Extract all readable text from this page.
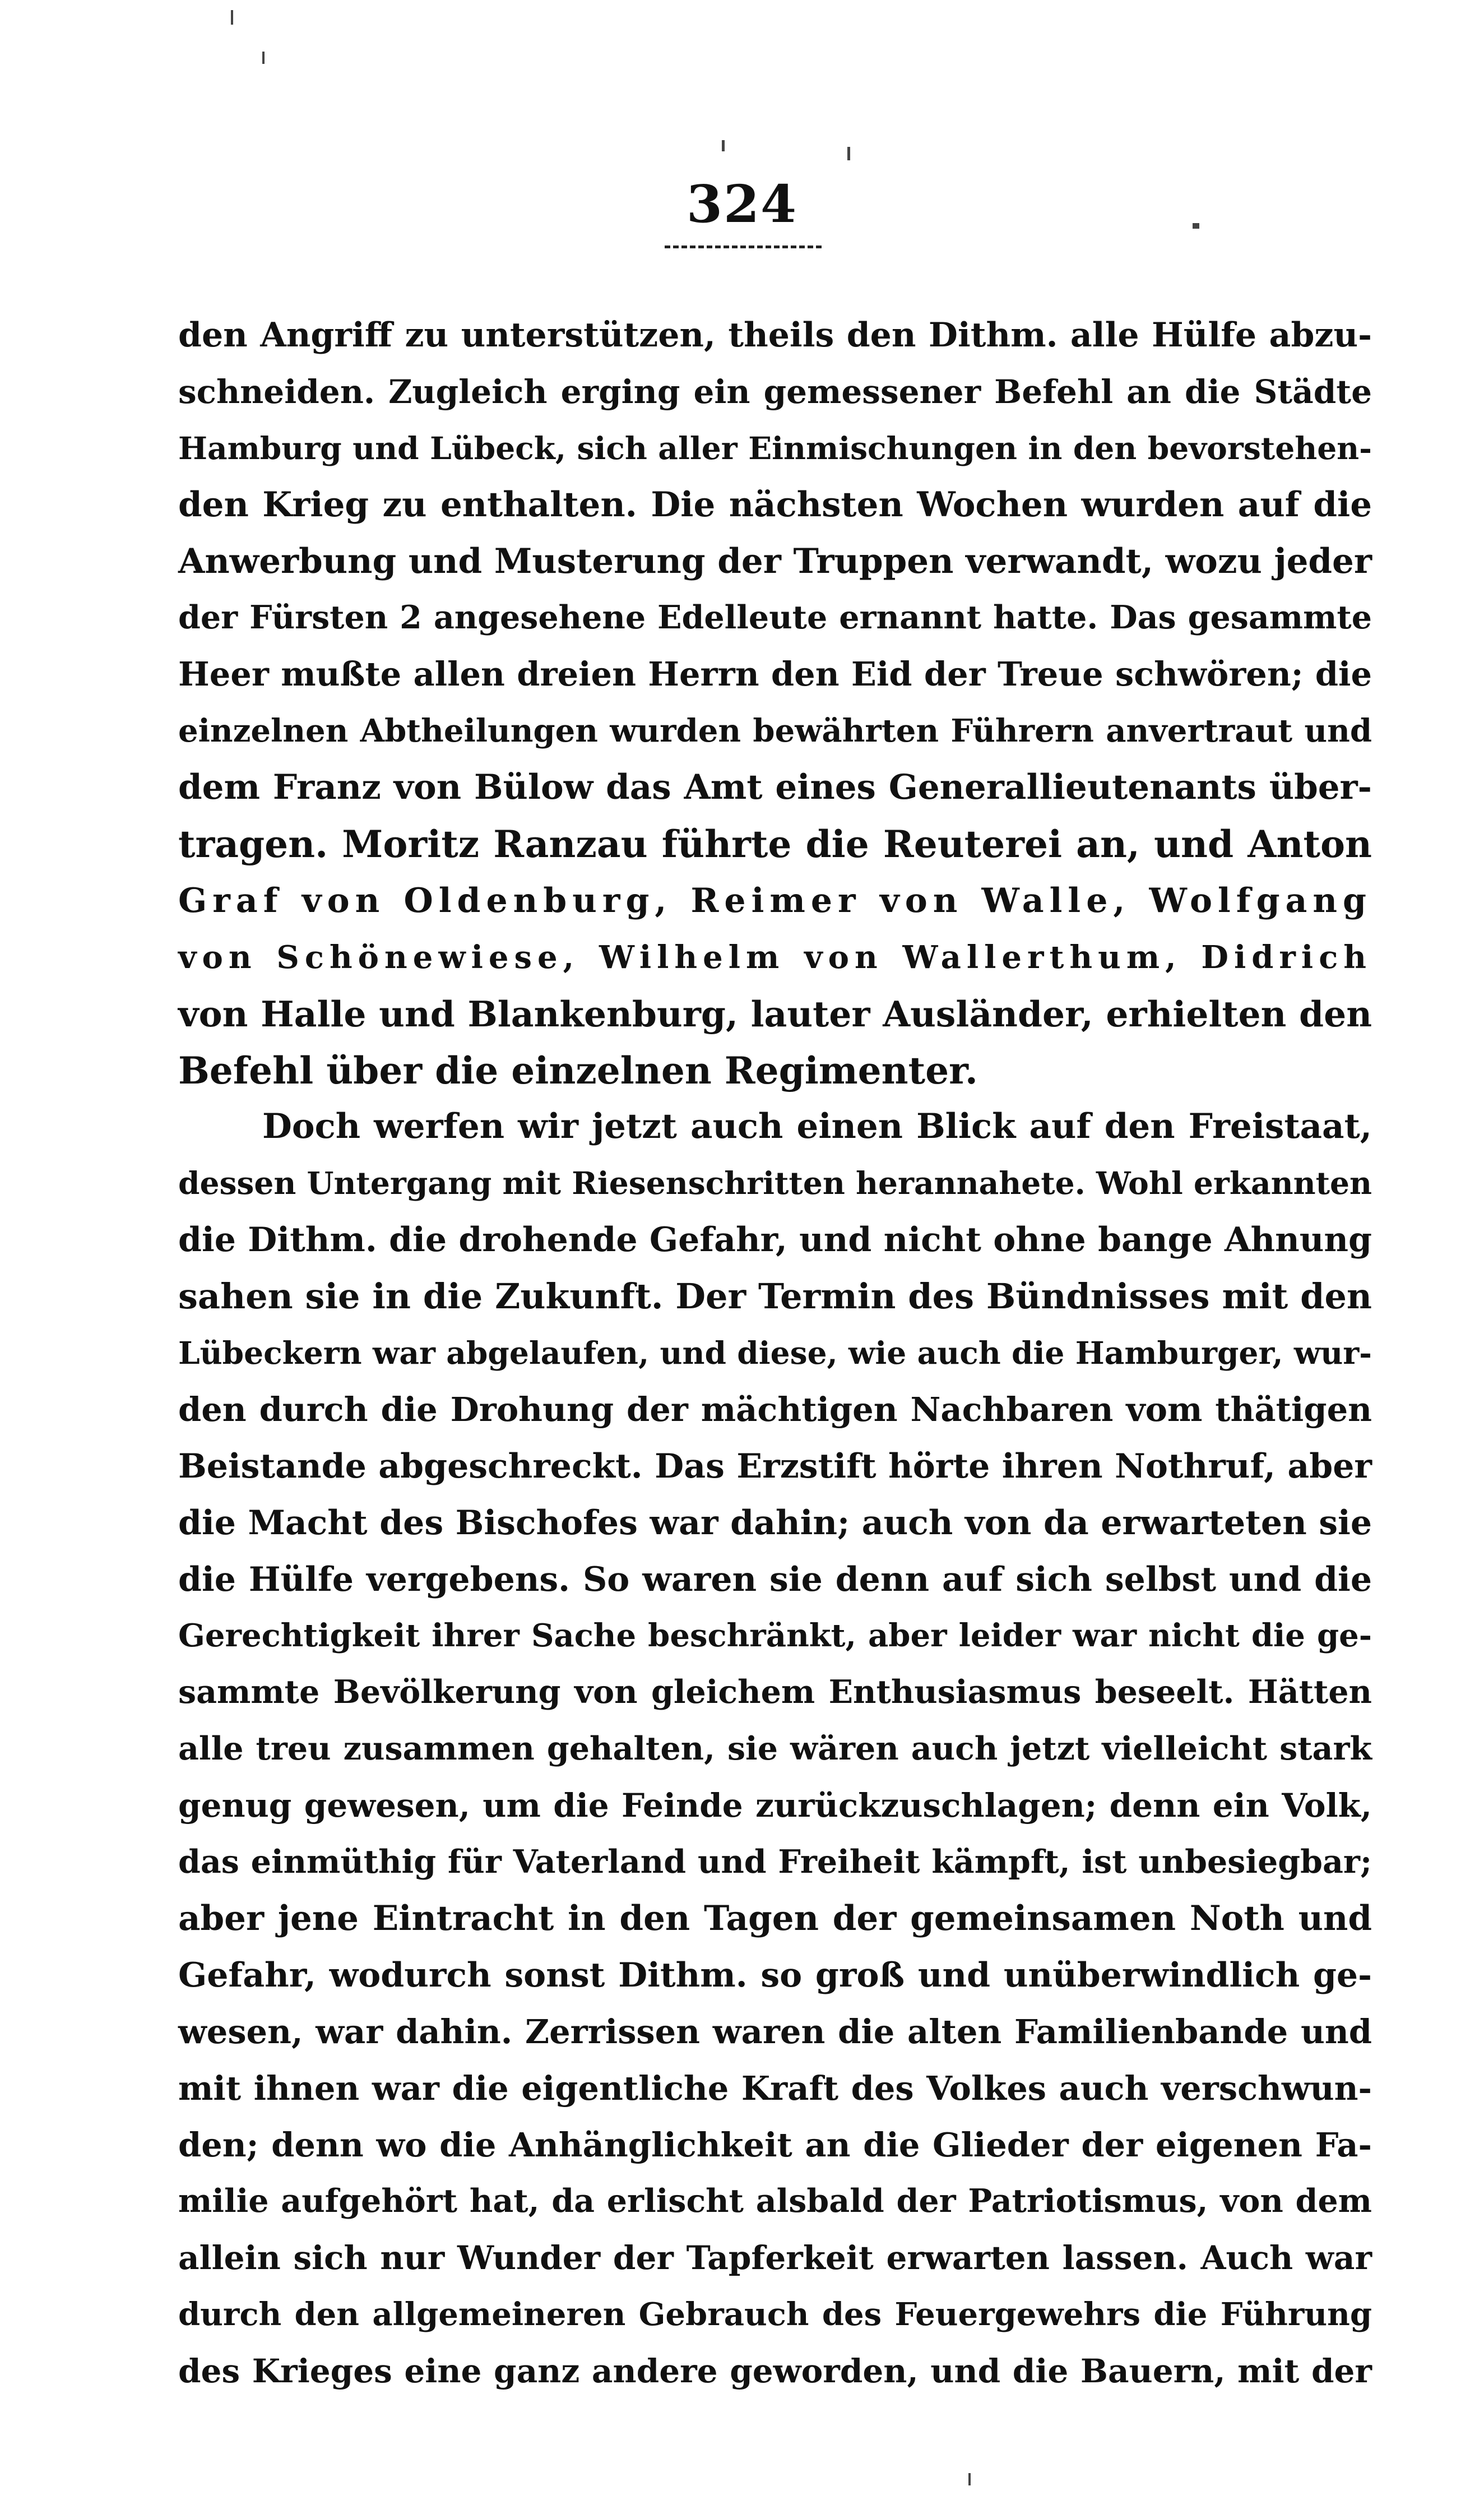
324
den Angriff zu unterstützen, theils den Dithm. alle Hülfe abzu-
schneiden. Zugleich erging ein gemessener Befehl an die Städte
Hamburg und Lübeck, sich aller Einmischungen in den bevorstehen-
den Krieg zu enthalten. Die nächsten Wochen wurden auf die
Anwerbung und Musterung der Truppen verwandt, wozu jeder
der Fürsten 2 angesehene Edelleute ernannt hatte. Das gesammte
Heer mußte allen dreien Herrn den Eid der Treue schwören; die
einzelnen Abtheilungen wurden bewährten Führern anvertraut und
dem Franz von Bülow das Amt eines Generallieutenants über-
tragen. Moritz Ranzau führte die Reuterei an, und Anton
Graf von Oldenburg, Reimer von Walle, Wolfgang
von Schönewiese, Wilhelm von Wallerthum, Didrich
von Halle und Blankenburg, lauter Ausländer, erhielten den
Befehl über die einzelnen Regimenter.
Doch werfen wir jetzt auch einen Blick auf den Freistaat,
dessen Untergang mit Riesenschritten herannahete. Wohl erkannten
die Dithm. die drohende Gefahr, und nicht ohne bange Ahnung
sahen sie in die Zukunft. Der Termin des Bündnisses mit den
Lübeckern war abgelaufen, und diese, wie auch die Hamburger, wur-
den durch die Drohung der mächtigen Nachbaren vom thätigen
Beistande abgeschreckt. Das Erzstift hörte ihren Nothruf, aber
die Macht des Bischofes war dahin; auch von da erwarteten sie
die Hülfe vergebens. So waren sie denn auf sich selbst und die
Gerechtigkeit ihrer Sache beschränkt, aber leider war nicht die ge-
sammte Bevölkerung von gleichem Enthusiasmus beseelt. Hätten
alle treu zusammen gehalten, sie wären auch jetzt vielleicht stark
genug gewesen, um die Feinde zurückzuschlagen; denn ein Volk,
das einmüthig für Vaterland und Freiheit kämpft, ist unbesiegbar;
aber jene Eintracht in den Tagen der gemeinsamen Noth und
Gefahr, wodurch sonst Dithm. so groß und unüberwindlich ge-
wesen, war dahin. Zerrissen waren die alten Familienbande und
mit ihnen war die eigentliche Kraft des Volkes auch verschwun-
den; denn wo die Anhänglichkeit an die Glieder der eigenen Fa-
milie aufgehört hat, da erlischt alsbald der Patriotismus, von dem
allein sich nur Wunder der Tapferkeit erwarten lassen. Auch war
durch den allgemeineren Gebrauch des Feuergewehrs die Führung
des Krieges eine ganz andere geworden, und die Bauern, mit der
